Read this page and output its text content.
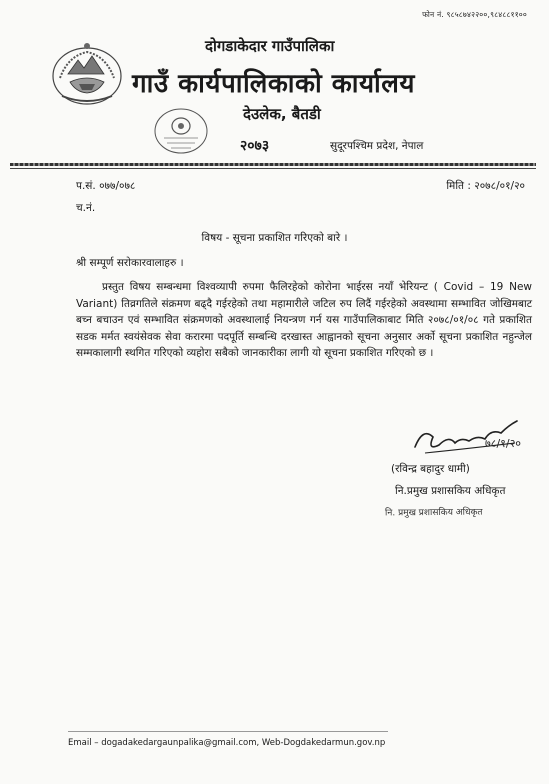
फोन नं. ९८५८७४२२००,९८४८८११००
दोगडाकेदार गाउँपालिका
गाउँ कार्यपालिकाको कार्यालय
देउलेक, बैतडी
२०७३	सुदूरपश्चिम प्रदेश, नेपाल
प.सं. ०७७/०७८	मिति : २०७८/०१/२०
च.नं.
विषय - सूचना प्रकाशित गरिएको बारे ।
श्री सम्पूर्ण सरोकारवालाहरु ।
प्रस्तुत विषय सम्बन्धमा विश्वव्यापी रुपमा फैलिरहेको कोरोना भाईरस नयाँ भेरियन्ट ( Covid – 19 New Variant) तिव्रगतिले संक्रमण बढ्दै गईरहेको तथा महामारीले जटिल रुप लिदैं गईरहेको अवस्थामा सम्भावित जोखिमबाट बच्न बचाउन एवं सम्भावित संक्रमणको अवस्थालाई नियन्त्रण गर्न यस गाउँपालिकाबाट मिति २०७८/०१/०८ गते प्रकाशित सडक मर्मत स्वयंसेवक सेवा करारमा पदपूर्ति सम्बन्धि दरखास्त आह्वानको सूचना अनुसार अर्को सूचना प्रकाशित नहुन्जेल सम्मकालागी स्थगित गरिएको व्यहोरा सबैको जानकारीका लागी यो सूचना प्रकाशित गरिएको छ ।
७८/१/२०
(रविन्द्र बहादुर धामी)
नि.प्रमुख प्रशासकिय अधिकृत
नि. प्रमुख प्रशासकिय अधिकृत
Email – dogadakedargaunpalika@gmail.com, Web-Dogdakedarmun.gov.np
